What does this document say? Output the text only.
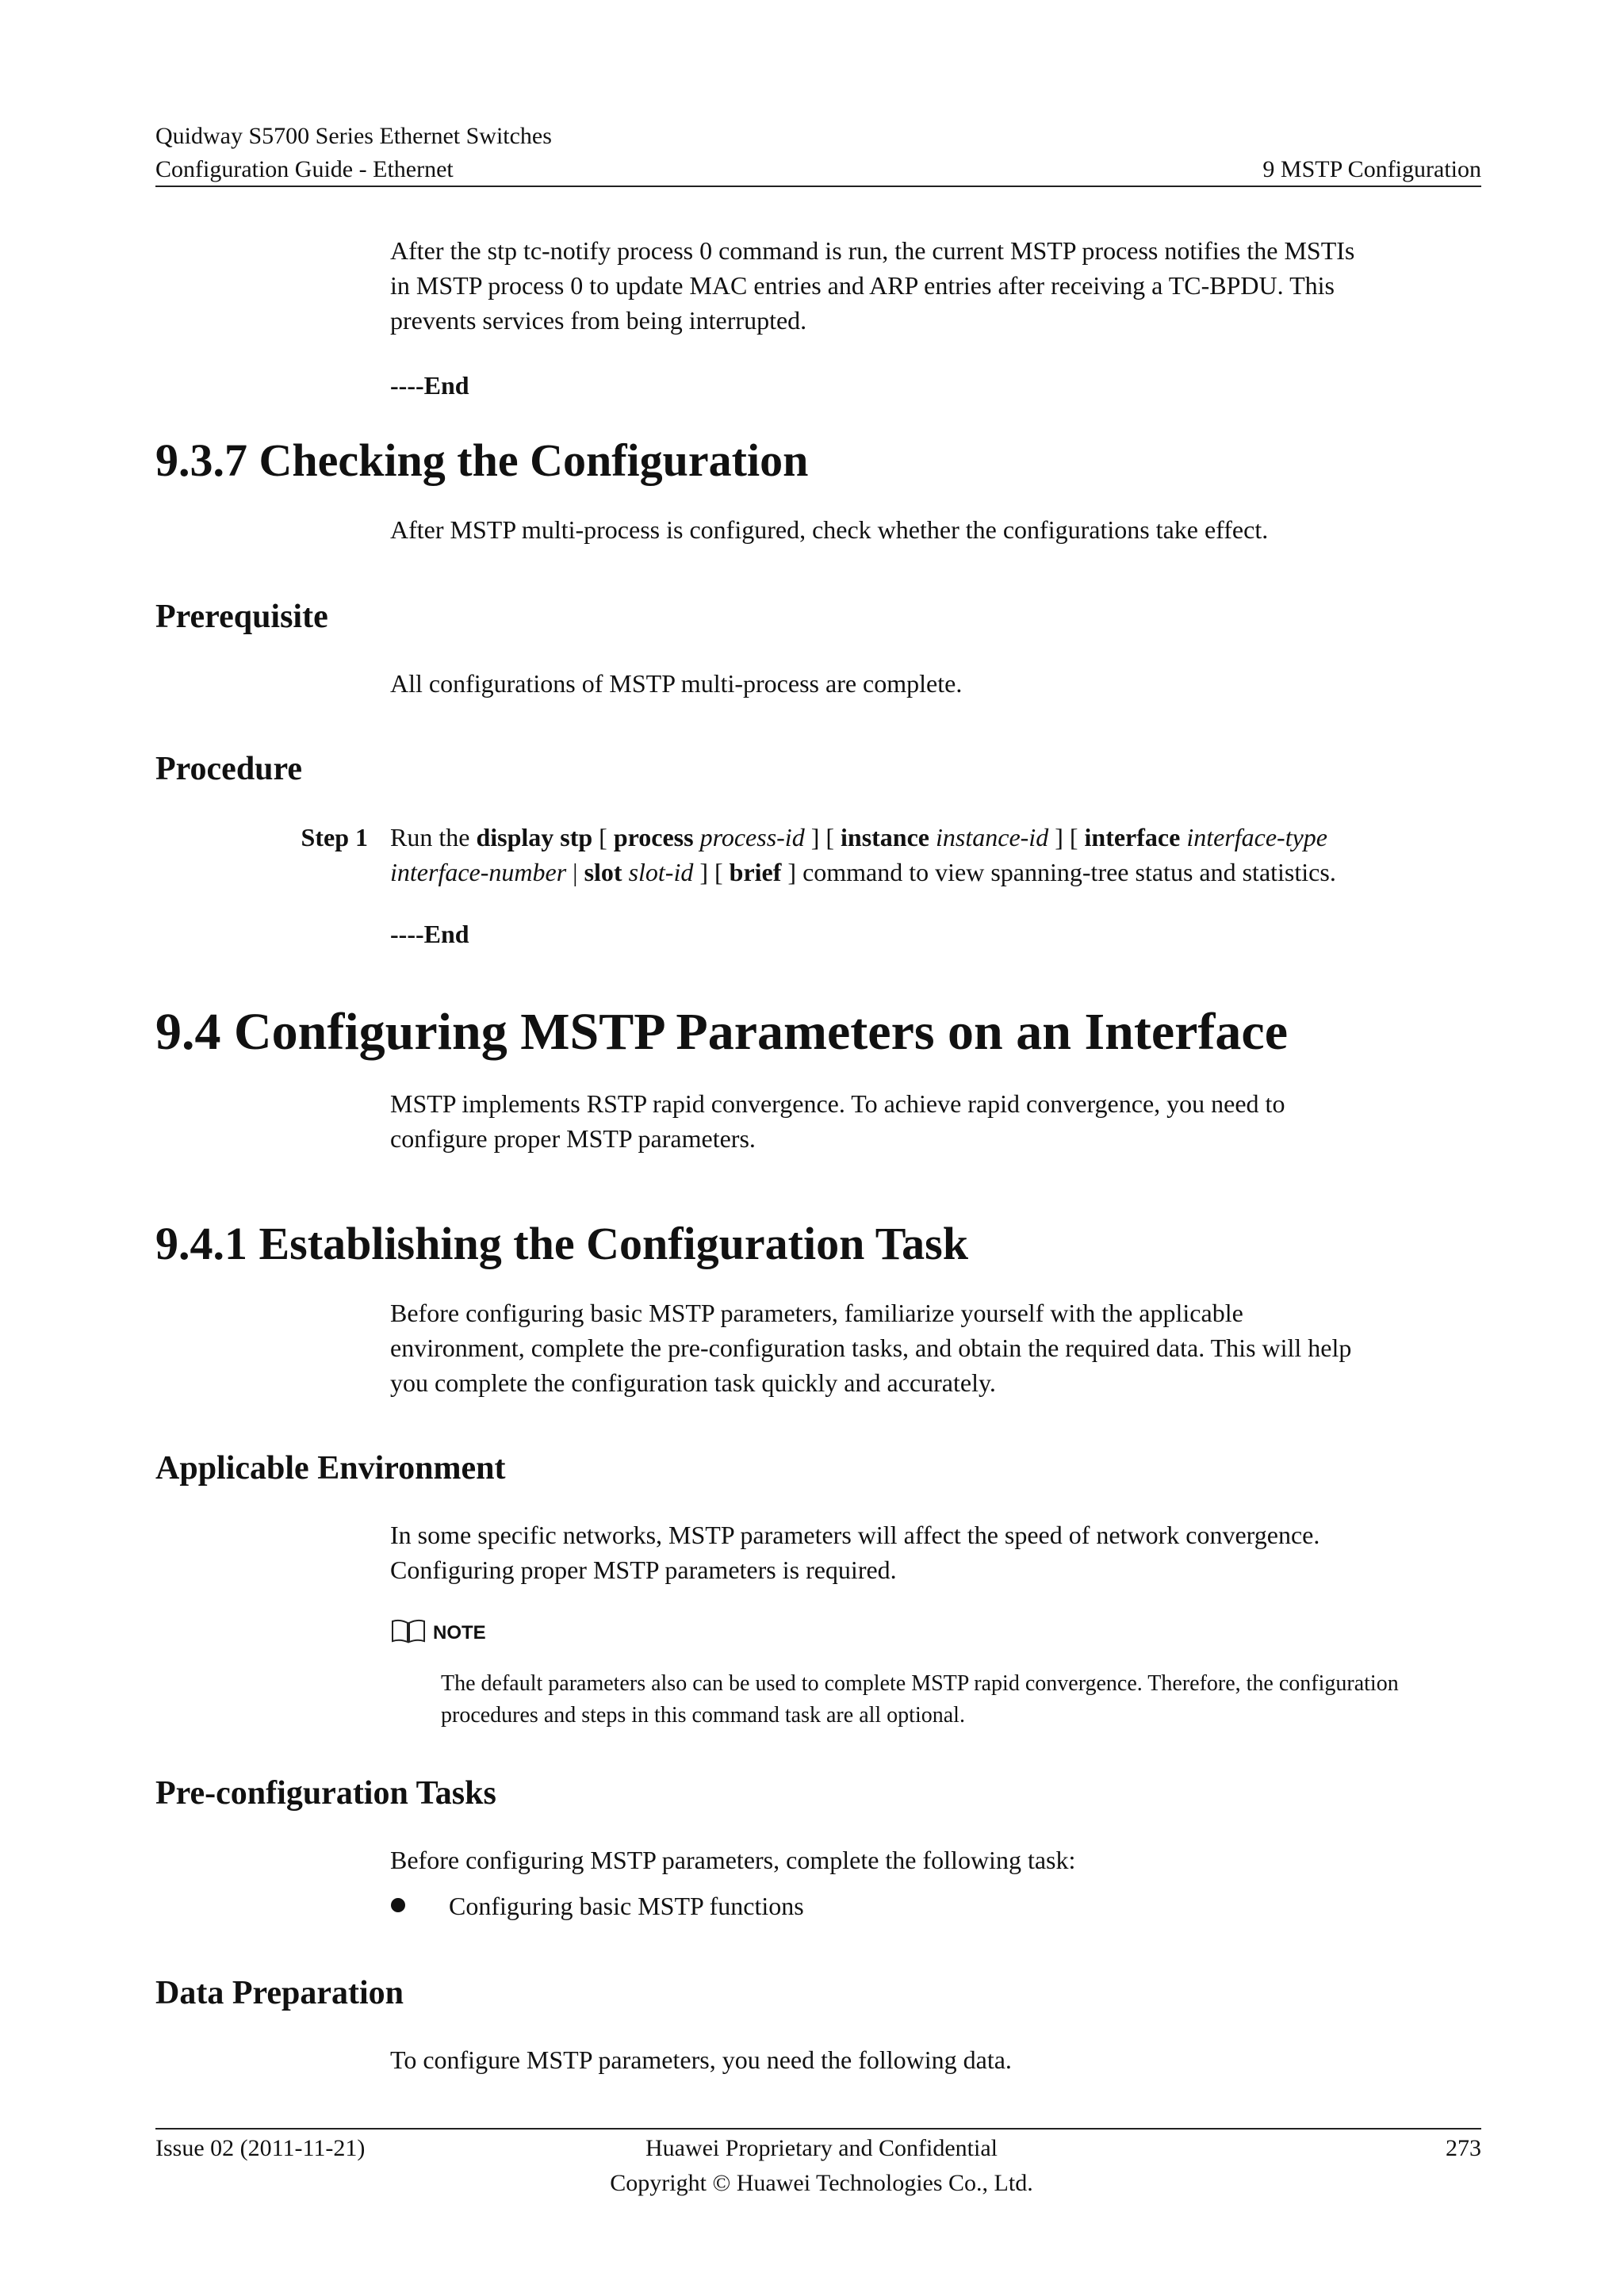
Quidway S5700 Series Ethernet Switches
Configuration Guide - Ethernet	9 MSTP Configuration
After the stp tc-notify process 0 command is run, the current MSTP process notifies the MSTIs
in MSTP process 0 to update MAC entries and ARP entries after receiving a TC-BPDU. This
prevents services from being interrupted.
----End
9.3.7 Checking the Configuration
After MSTP multi-process is configured, check whether the configurations take effect.
Prerequisite
All configurations of MSTP multi-process are complete.
Procedure
Step 1 Run the display stp [ process process-id ] [ instance instance-id ] [ interface interface-type
interface-number | slot slot-id ] [ brief ] command to view spanning-tree status and statistics.
----End
9.4 Configuring MSTP Parameters on an Interface
MSTP implements RSTP rapid convergence. To achieve rapid convergence, you need to
configure proper MSTP parameters.
9.4.1 Establishing the Configuration Task
Before configuring basic MSTP parameters, familiarize yourself with the applicable
environment, complete the pre-configuration tasks, and obtain the required data. This will help
you complete the configuration task quickly and accurately.
Applicable Environment
In some specific networks, MSTP parameters will affect the speed of network convergence.
Configuring proper MSTP parameters is required.
NOTE
The default parameters also can be used to complete MSTP rapid convergence. Therefore, the configuration
procedures and steps in this command task are all optional.
Pre-configuration Tasks
Before configuring MSTP parameters, complete the following task:
Configuring basic MSTP functions
Data Preparation
To configure MSTP parameters, you need the following data.
Issue 02 (2011-11-21)	Huawei Proprietary and Confidential
Copyright © Huawei Technologies Co., Ltd.
273
